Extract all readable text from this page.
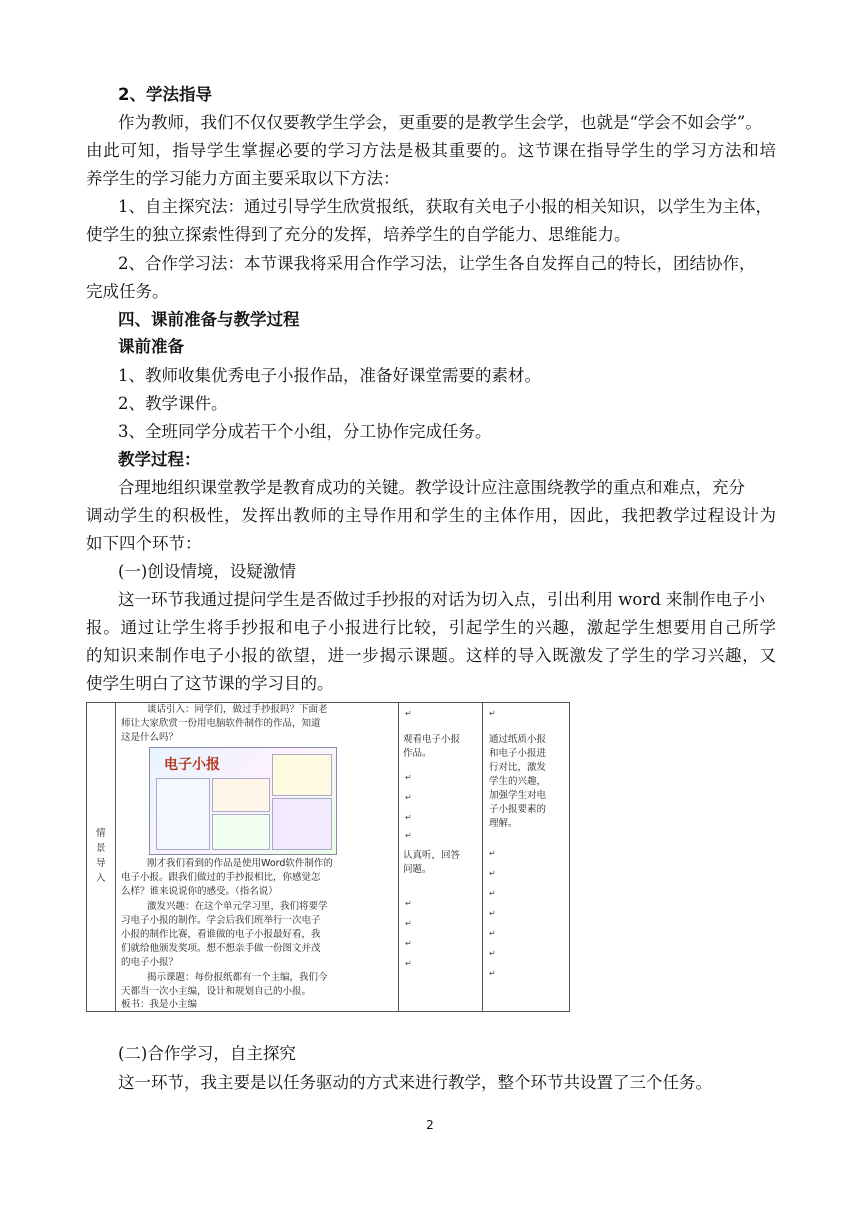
2、学法指导
作为教师，我们不仅仅要教学生学会，更重要的是教学生会学，也就是“学会不如会学”。
由此可知，指导学生掌握必要的学习方法是极其重要的。这节课在指导学生的学习方法和培
养学生的学习能力方面主要采取以下方法：
1、自主探究法：通过引导学生欣赏报纸，获取有关电子小报的相关知识，以学生为主体，
使学生的独立探索性得到了充分的发挥，培养学生的自学能力、思维能力。
2、合作学习法：本节课我将采用合作学习法，让学生各自发挥自己的特长，团结协作，
完成任务。
四、课前准备与教学过程
课前准备
1、教师收集优秀电子小报作品，准备好课堂需要的素材。
2、教学课件。
3、全班同学分成若干个小组，分工协作完成任务。
教学过程：
合理地组织课堂教学是教育成功的关键。教学设计应注意围绕教学的重点和难点，充分
调动学生的积极性，发挥出教师的主导作用和学生的主体作用，因此，我把教学过程设计为
如下四个环节：
(一)创设情境，设疑激情
这一环节我通过提问学生是否做过手抄报的对话为切入点，引出利用 word 来制作电子小
报。通过让学生将手抄报和电子小报进行比较，引起学生的兴趣，激起学生想要用自己所学
的知识来制作电子小报的欲望，进一步揭示课题。这样的导入既激发了学生的学习兴趣，又
使学生明白了这节课的学习目的。
情
景
导
入
谈话引入：同学们，做过手抄报吗？下面老
师让大家欣赏一份用电脑软件制作的作品，知道
这是什么吗？
电子小报
刚才我们看到的作品是使用Word软件制作的
电子小报。跟我们做过的手抄报相比，你感觉怎
么样？谁来说说你的感受。（指名说）
激发兴趣：在这个单元学习里，我们将要学
习电子小报的制作。学会后我们班举行一次电子
小报的制作比赛，看谁做的电子小报最好看，我
们就给他颁发奖项。想不想亲手做一份图文并茂
的电子小报？
揭示课题：每份报纸都有一个主编，我们今
天都当一次小主编，设计和规划自己的小报。
板书：我是小主编
观看电子小报
作品。
认真听，回答
问题。
通过纸质小报
和电子小报进
行对比，激发
学生的兴趣，
加强学生对电
子小报要素的
理解。
↵	↵
↵
↵
↵
↵
↵
↵
↵
↵
↵
↵
↵
↵
↵
↵
↵
(二)合作学习，自主探究
这一环节，我主要是以任务驱动的方式来进行教学，整个环节共设置了三个任务。
2
